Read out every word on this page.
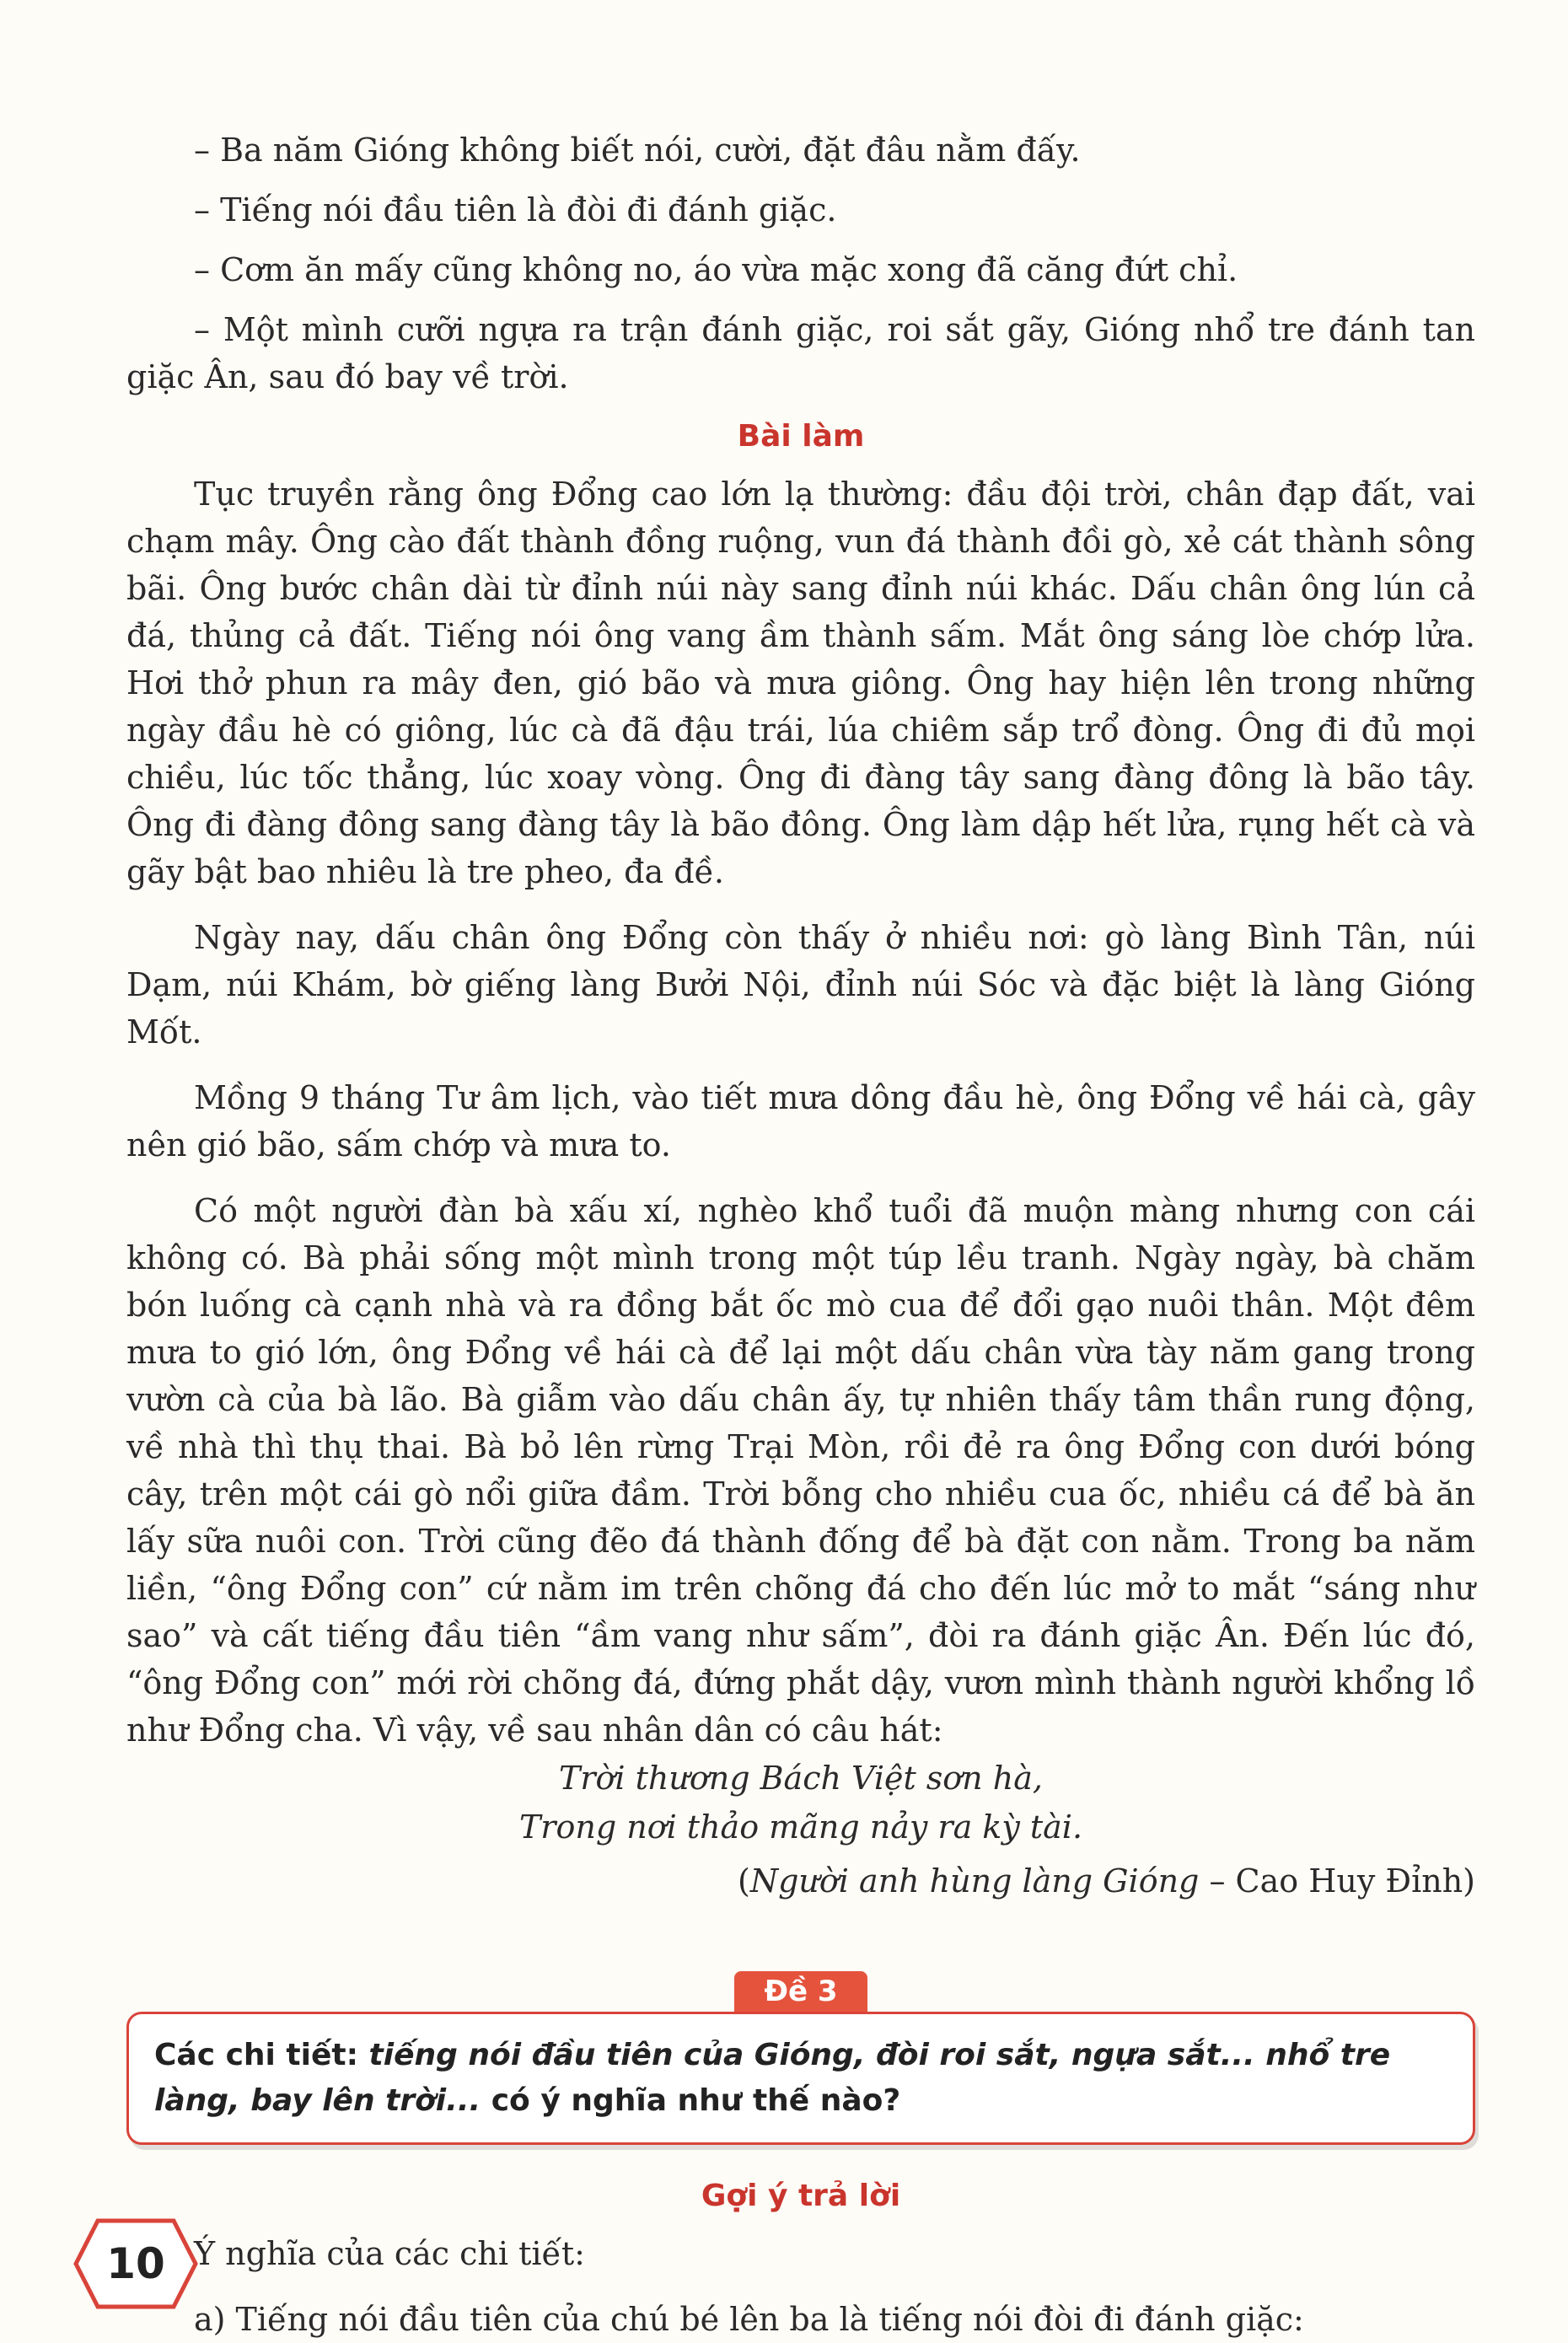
– Ba năm Gióng không biết nói, cười, đặt đâu nằm đấy.

– Tiếng nói đầu tiên là đòi đi đánh giặc.

– Cơm ăn mấy cũng không no, áo vừa mặc xong đã căng đứt chỉ.

– Một mình cưỡi ngựa ra trận đánh giặc, roi sắt gãy, Gióng nhổ tre đánh tan giặc Ân, sau đó bay về trời.

Bài làm

Tục truyền rằng ông Đổng cao lớn lạ thường: đầu đội trời, chân đạp đất, vai chạm mây. Ông cào đất thành đồng ruộng, vun đá thành đồi gò, xẻ cát thành sông bãi. Ông bước chân dài từ đỉnh núi này sang đỉnh núi khác. Dấu chân ông lún cả đá, thủng cả đất. Tiếng nói ông vang ầm thành sấm. Mắt ông sáng lòe chớp lửa. Hơi thở phun ra mây đen, gió bão và mưa giông. Ông hay hiện lên trong những ngày đầu hè có giông, lúc cà đã đậu trái, lúa chiêm sắp trổ đòng. Ông đi đủ mọi chiều, lúc tốc thẳng, lúc xoay vòng. Ông đi đàng tây sang đàng đông là bão tây. Ông đi đàng đông sang đàng tây là bão đông. Ông làm dập hết lửa, rụng hết cà và gãy bật bao nhiêu là tre pheo, đa đề.

Ngày nay, dấu chân ông Đổng còn thấy ở nhiều nơi: gò làng Bình Tân, núi Dạm, núi Khám, bờ giếng làng Bưởi Nội, đỉnh núi Sóc và đặc biệt là làng Gióng Mốt.

Mồng 9 tháng Tư âm lịch, vào tiết mưa dông đầu hè, ông Đổng về hái cà, gây nên gió bão, sấm chớp và mưa to.

Có một người đàn bà xấu xí, nghèo khổ tuổi đã muộn màng nhưng con cái không có. Bà phải sống một mình trong một túp lều tranh. Ngày ngày, bà chăm bón luống cà cạnh nhà và ra đồng bắt ốc mò cua để đổi gạo nuôi thân. Một đêm mưa to gió lớn, ông Đổng về hái cà để lại một dấu chân vừa tày năm gang trong vườn cà của bà lão. Bà giẫm vào dấu chân ấy, tự nhiên thấy tâm thần rung động, về nhà thì thụ thai. Bà bỏ lên rừng Trại Mòn, rồi đẻ ra ông Đổng con dưới bóng cây, trên một cái gò nổi giữa đầm. Trời bỗng cho nhiều cua ốc, nhiều cá để bà ăn lấy sữa nuôi con. Trời cũng đẽo đá thành đống để bà đặt con nằm. Trong ba năm liền, “ông Đổng con” cứ nằm im trên chõng đá cho đến lúc mở to mắt “sáng như sao” và cất tiếng đầu tiên “ầm vang như sấm”, đòi ra đánh giặc Ân. Đến lúc đó, “ông Đổng con” mới rời chõng đá, đứng phắt dậy, vươn mình thành người khổng lồ như Đổng cha. Vì vậy, về sau nhân dân có câu hát:

Trời thương Bách Việt sơn hà,

Trong nơi thảo mãng nảy ra kỳ tài.

(Người anh hùng làng Gióng – Cao Huy Đỉnh)

Đề 3
Các chi tiết: tiếng nói đầu tiên của Gióng, đòi roi sắt, ngựa sắt... nhổ tre làng, bay lên trời... có ý nghĩa như thế nào?
Gợi ý trả lời

Ý nghĩa của các chi tiết:

a) Tiếng nói đầu tiên của chú bé lên ba là tiếng nói đòi đi đánh giặc:

10
